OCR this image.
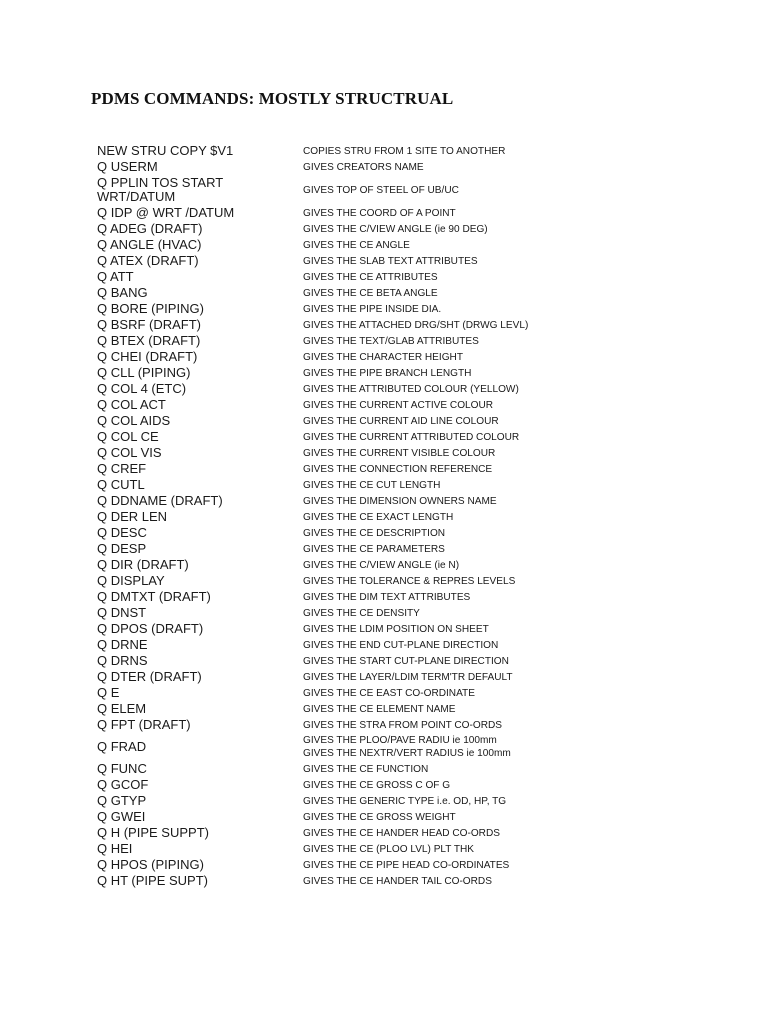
PDMS COMMANDS: MOSTLY STRUCTRUAL
NEW STRU COPY $V1	COPIES STRU FROM 1 SITE TO ANOTHER
Q USERM	GIVES CREATORS NAME
Q PPLIN TOS START
WRT/DATUM	GIVES TOP OF STEEL OF UB/UC
Q IDP @ WRT /DATUM	GIVES THE COORD OF A POINT
Q ADEG (DRAFT)	GIVES THE C/VIEW ANGLE (ie 90 DEG)
Q ANGLE (HVAC)	GIVES THE CE ANGLE
Q ATEX (DRAFT)	GIVES THE SLAB TEXT ATTRIBUTES
Q ATT	GIVES THE CE ATTRIBUTES
Q BANG	GIVES THE CE BETA ANGLE
Q BORE (PIPING)	GIVES THE PIPE INSIDE DIA.
Q BSRF (DRAFT)	GIVES THE ATTACHED DRG/SHT (DRWG LEVL)
Q BTEX (DRAFT)	GIVES THE TEXT/GLAB ATTRIBUTES
Q CHEI (DRAFT)	GIVES THE CHARACTER HEIGHT
Q CLL (PIPING)	GIVES THE PIPE BRANCH LENGTH
Q COL 4 (ETC)	GIVES THE ATTRIBUTED COLOUR (YELLOW)
Q COL ACT	GIVES THE CURRENT ACTIVE COLOUR
Q COL AIDS	GIVES THE CURRENT AID LINE COLOUR
Q COL CE	GIVES THE CURRENT ATTRIBUTED COLOUR
Q COL VIS	GIVES THE CURRENT VISIBLE COLOUR
Q CREF	GIVES THE CONNECTION REFERENCE
Q CUTL	GIVES THE CE CUT LENGTH
Q DDNAME (DRAFT)	GIVES THE DIMENSION OWNERS NAME
Q DER LEN	GIVES THE CE EXACT LENGTH
Q DESC	GIVES THE CE DESCRIPTION
Q DESP	GIVES THE CE PARAMETERS
Q DIR (DRAFT)	GIVES THE C/VIEW ANGLE (ie N)
Q DISPLAY	GIVES THE TOLERANCE & REPRES LEVELS
Q DMTXT (DRAFT)	GIVES THE DIM TEXT ATTRIBUTES
Q DNST	GIVES THE CE DENSITY
Q DPOS (DRAFT)	GIVES THE LDIM POSITION ON SHEET
Q DRNE	GIVES THE END CUT-PLANE DIRECTION
Q DRNS	GIVES THE START CUT-PLANE DIRECTION
Q DTER (DRAFT)	GIVES THE LAYER/LDIM TERM'TR DEFAULT
Q E	GIVES THE CE EAST CO-ORDINATE
Q ELEM	GIVES THE CE ELEMENT NAME
Q FPT (DRAFT)	GIVES THE STRA FROM POINT CO-ORDS
Q FRAD	GIVES THE PLOO/PAVE RADIU ie 100mm
GIVES THE NEXTR/VERT RADIUS ie 100mm
Q FUNC	GIVES THE CE FUNCTION
Q GCOF	GIVES THE CE GROSS C OF G
Q GTYP	GIVES THE GENERIC TYPE i.e. OD, HP, TG
Q GWEI	GIVES THE CE GROSS WEIGHT
Q H (PIPE SUPPT)	GIVES THE CE HANDER HEAD CO-ORDS
Q HEI	GIVES THE CE (PLOO LVL) PLT THK
Q HPOS (PIPING)	GIVES THE CE PIPE HEAD CO-ORDINATES
Q HT (PIPE SUPT)	GIVES THE CE HANDER TAIL CO-ORDS
